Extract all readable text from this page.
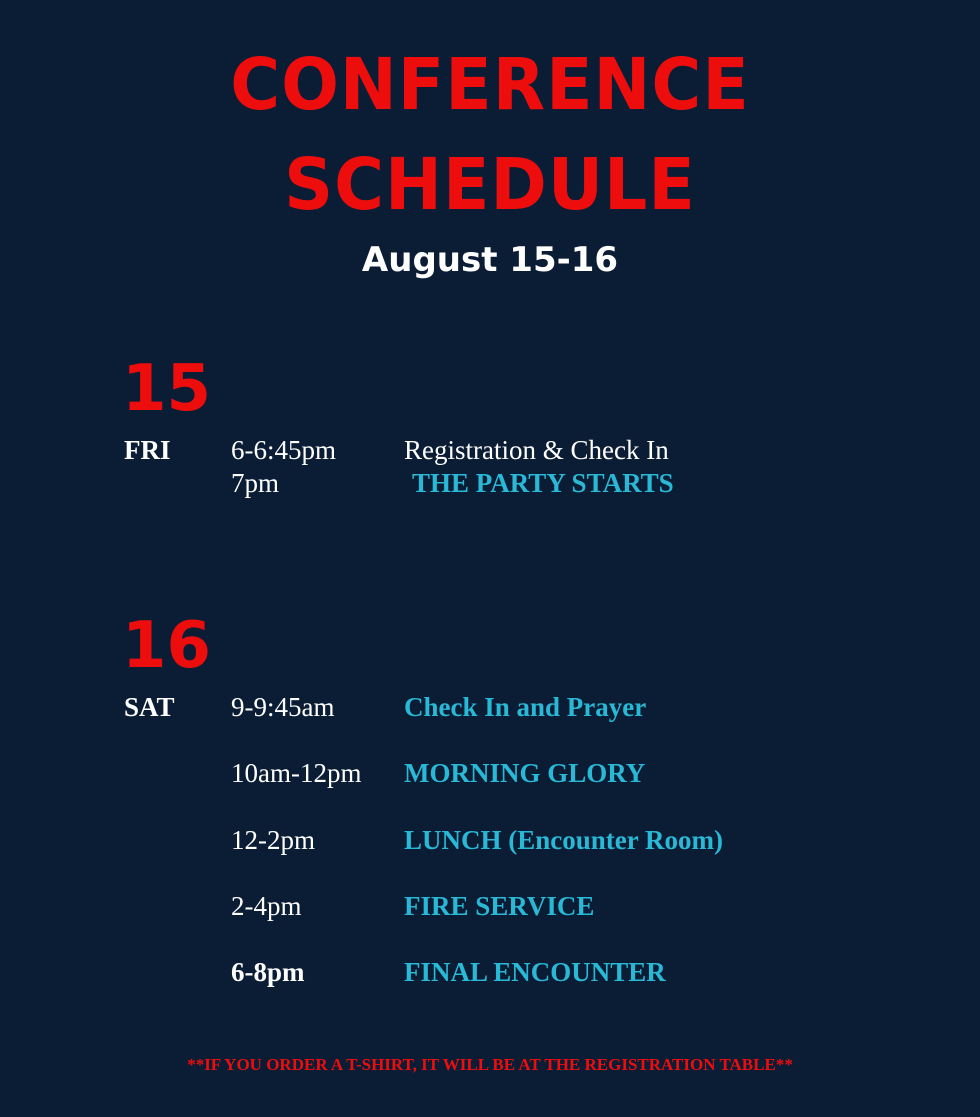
CONFERENCE
SCHEDULE
August 15-16
15
FRI 6-6:45pm	Registration & Check In
7pm	THE PARTY STARTS
16
SAT 9-9:45am	Check In and Prayer
10am-12pm MORNING GLORY
12-2pm	LUNCH (Encounter Room)
2-4pm	FIRE SERVICE
6-8pm	FINAL ENCOUNTER
**IF YOU ORDER A T-SHIRT, IT WILL BE AT THE REGISTRATION TABLE**
